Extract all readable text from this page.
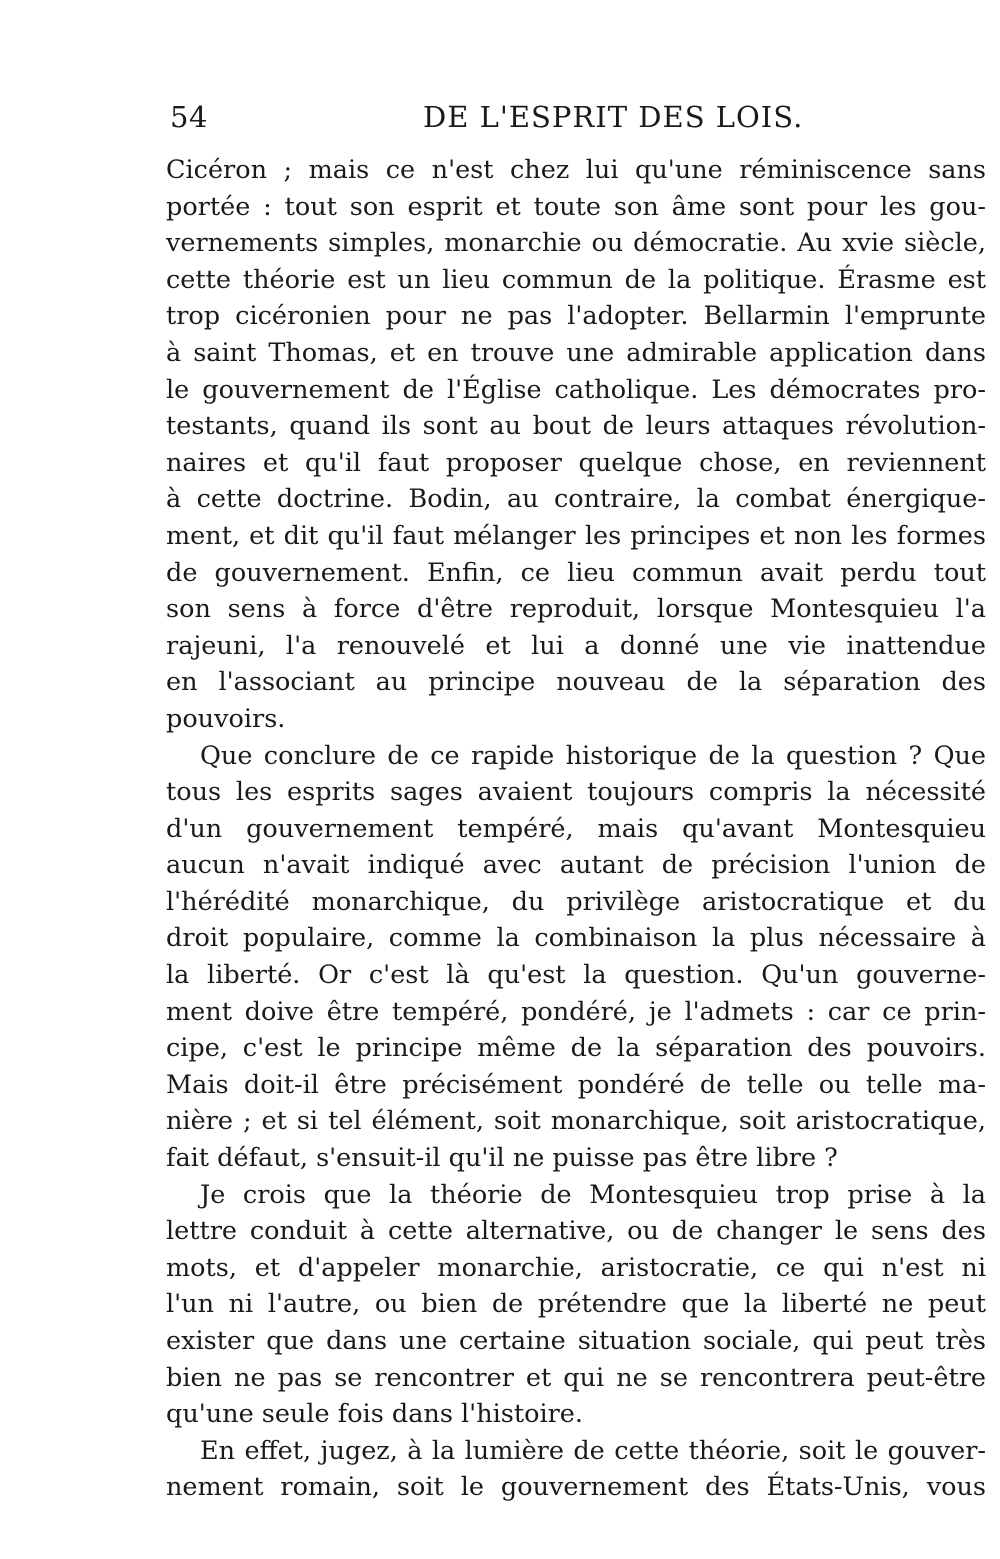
54	DE L'ESPRIT DES LOIS.
Cicéron ; mais ce n'est chez lui qu'une réminiscence sans
portée : tout son esprit et toute son âme sont pour les gou-
vernements simples, monarchie ou démocratie. Au xvie siècle,
cette théorie est un lieu commun de la politique. Érasme est
trop cicéronien pour ne pas l'adopter. Bellarmin l'emprunte
à saint Thomas, et en trouve une admirable application dans
le gouvernement de l'Église catholique. Les démocrates pro-
testants, quand ils sont au bout de leurs attaques révolution-
naires et qu'il faut proposer quelque chose, en reviennent
à cette doctrine. Bodin, au contraire, la combat énergique-
ment, et dit qu'il faut mélanger les principes et non les formes
de gouvernement. Enfin, ce lieu commun avait perdu tout
son sens à force d'être reproduit, lorsque Montesquieu l'a
rajeuni, l'a renouvelé et lui a donné une vie inattendue
en l'associant au principe nouveau de la séparation des
pouvoirs.
Que conclure de ce rapide historique de la question ? Que
tous les esprits sages avaient toujours compris la nécessité
d'un gouvernement tempéré, mais qu'avant Montesquieu
aucun n'avait indiqué avec autant de précision l'union de
l'hérédité monarchique, du privilège aristocratique et du
droit populaire, comme la combinaison la plus nécessaire à
la liberté. Or c'est là qu'est la question. Qu'un gouverne-
ment doive être tempéré, pondéré, je l'admets : car ce prin-
cipe, c'est le principe même de la séparation des pouvoirs.
Mais doit-il être précisément pondéré de telle ou telle ma-
nière ; et si tel élément, soit monarchique, soit aristocratique,
fait défaut, s'ensuit-il qu'il ne puisse pas être libre ?
Je crois que la théorie de Montesquieu trop prise à la
lettre conduit à cette alternative, ou de changer le sens des
mots, et d'appeler monarchie, aristocratie, ce qui n'est ni
l'un ni l'autre, ou bien de prétendre que la liberté ne peut
exister que dans une certaine situation sociale, qui peut très
bien ne pas se rencontrer et qui ne se rencontrera peut-être
qu'une seule fois dans l'histoire.
En effet, jugez, à la lumière de cette théorie, soit le gouver-
nement romain, soit le gouvernement des États-Unis, vous
